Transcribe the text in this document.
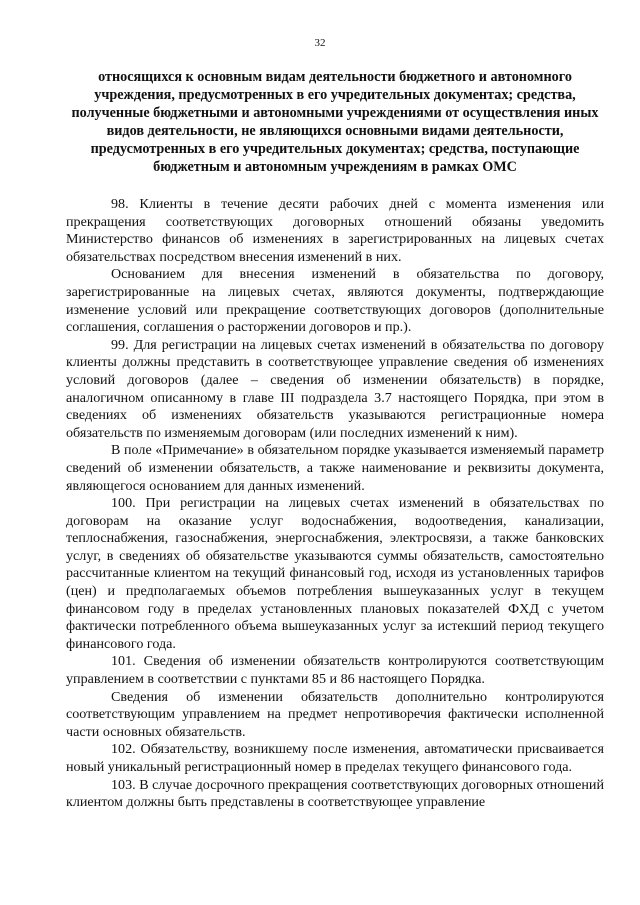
32

относящихся к основным видам деятельности бюджетного и автономного учреждения, предусмотренных в его учредительных документах; средства, полученные бюджетными и автономными учреждениями от осуществления иных видов деятельности, не являющихся основными видами деятельности, предусмотренных в его учредительных документах; средства, поступающие бюджетным и автономным учреждениям в рамках ОМС

98. Клиенты в течение десяти рабочих дней с момента изменения или прекращения соответствующих договорных отношений обязаны уведомить Министерство финансов об изменениях в зарегистрированных на лицевых счетах обязательствах посредством внесения изменений в них.

Основанием для внесения изменений в обязательства по договору, зарегистрированные на лицевых счетах, являются документы, подтверждающие изменение условий или прекращение соответствующих договоров (дополнительные соглашения, соглашения о расторжении договоров и пр.).

99. Для регистрации на лицевых счетах изменений в обязательства по договору клиенты должны представить в соответствующее управление сведения об изменениях условий договоров (далее – сведения об изменении обязательств) в порядке, аналогичном описанному в главе III подраздела 3.7 настоящего Порядка, при этом в сведениях об изменениях обязательств указываются регистрационные номера обязательств по изменяемым договорам (или последних изменений к ним).

В поле «Примечание» в обязательном порядке указывается изменяемый параметр сведений об изменении обязательств, а также наименование и реквизиты документа, являющегося основанием для данных изменений.

100. При регистрации на лицевых счетах изменений в обязательствах по договорам на оказание услуг водоснабжения, водоотведения, канализации, теплоснабжения, газоснабжения, энергоснабжения, электросвязи, а также банковских услуг, в сведениях об обязательстве указываются суммы обязательств, самостоятельно рассчитанные клиентом на текущий финансовый год, исходя из установленных тарифов (цен) и предполагаемых объемов потребления вышеуказанных услуг в текущем финансовом году в пределах установленных плановых показателей ФХД с учетом фактически потребленного объема вышеуказанных услуг за истекший период текущего финансового года.

101. Сведения об изменении обязательств контролируются соответствующим управлением в соответствии с пунктами 85 и 86 настоящего Порядка.

Сведения об изменении обязательств дополнительно контролируются соответствующим управлением на предмет непротиворечия фактически исполненной части основных обязательств.

102. Обязательству, возникшему после изменения, автоматически присваивается новый уникальный регистрационный номер в пределах текущего финансового года.

103. В случае досрочного прекращения соответствующих договорных отношений клиентом должны быть представлены в соответствующее управление
